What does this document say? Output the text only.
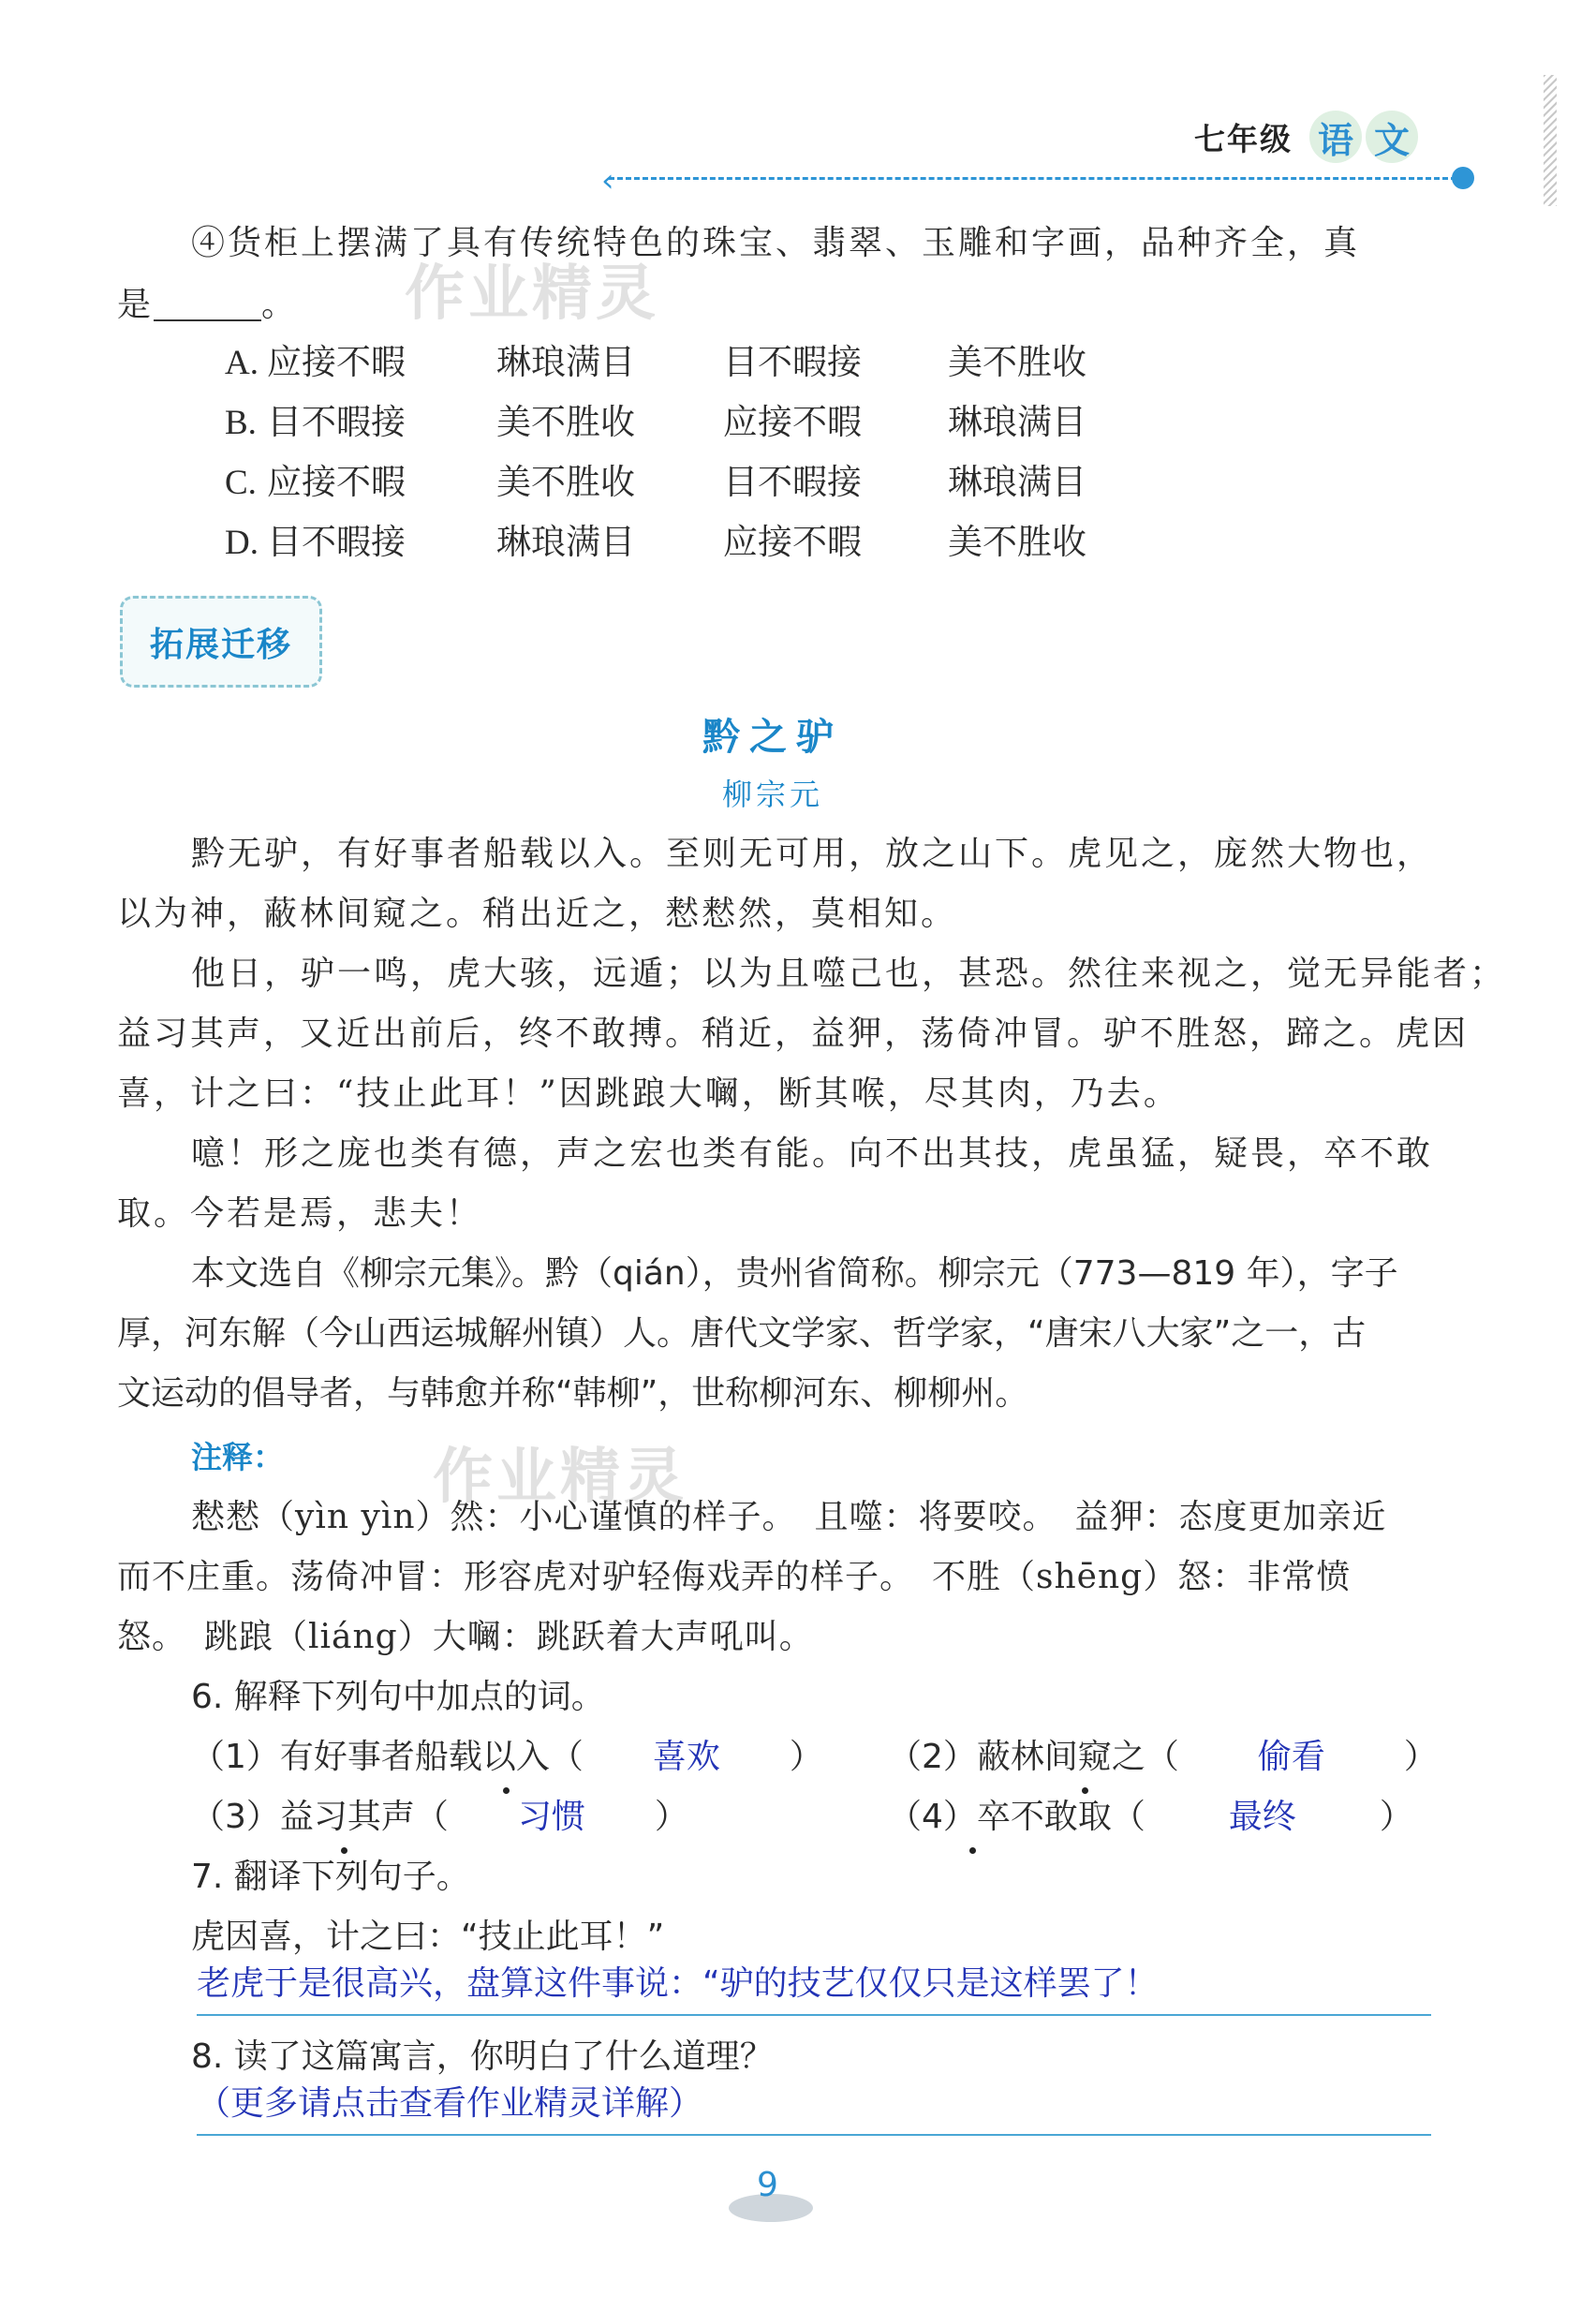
七年级 语 文
‹
作业精灵
作业精灵
④货柜上摆满了具有传统特色的珠宝、翡翠、玉雕和字画，品种齐全，真
是	。
A. 应接不暇	琳琅满目	目不暇接 美不胜收
B. 目不暇接	美不胜收	应接不暇 琳琅满目
C. 应接不暇	美不胜收	目不暇接 琳琅满目
D. 目不暇接	琳琅满目	应接不暇 美不胜收
拓展迁移
黔之驴
柳宗元
黔无驴，有好事者船载以入。至则无可用，放之山下。虎见之，庞然大物也，
以为神，蔽林间窥之。稍出近之，慭慭然，莫相知。
他日，驴一鸣，虎大骇，远遁；以为且噬己也，甚恐。然往来视之，觉无异能者；
益习其声，又近出前后，终不敢搏。稍近，益狎，荡倚冲冒。驴不胜怒，蹄之。虎因
喜，计之曰：“技止此耳！”因跳踉大㘎，断其喉，尽其肉，乃去。
噫！形之庞也类有德，声之宏也类有能。向不出其技，虎虽猛，疑畏，卒不敢
取。今若是焉，悲夫！
本文选自《柳宗元集》。黔（qián），贵州省简称。柳宗元（773—819 年），字子
厚，河东解（今山西运城解州镇）人。唐代文学家、哲学家，“唐宋八大家”之一，古
文运动的倡导者，与韩愈并称“韩柳”，世称柳河东、柳柳州。
注释：
慭慭（yìn yìn）然：小心谨慎的样子。　且噬：将要咬。　益狎：态度更加亲近
而不庄重。荡倚冲冒：形容虎对驴轻侮戏弄的样子。　不胜（shēng）怒：非常愤
怒。　跳踉（liáng）大㘎：跳跃着大声吼叫。
6. 解释下列句中加点的词。
（1）有好事者船载以入（ 喜欢 ） （2）蔽林间窥之（ 偷看 ）
（3）益习其声（ 习惯 ）	（4）卒不敢取（ 最终 ）
7. 翻译下列句子。
虎因喜，计之曰：“技止此耳！”
老虎于是很高兴，盘算这件事说：“驴的技艺仅仅只是这样罢了！
8. 读了这篇寓言，你明白了什么道理？
（更多请点击查看作业精灵详解）
9
